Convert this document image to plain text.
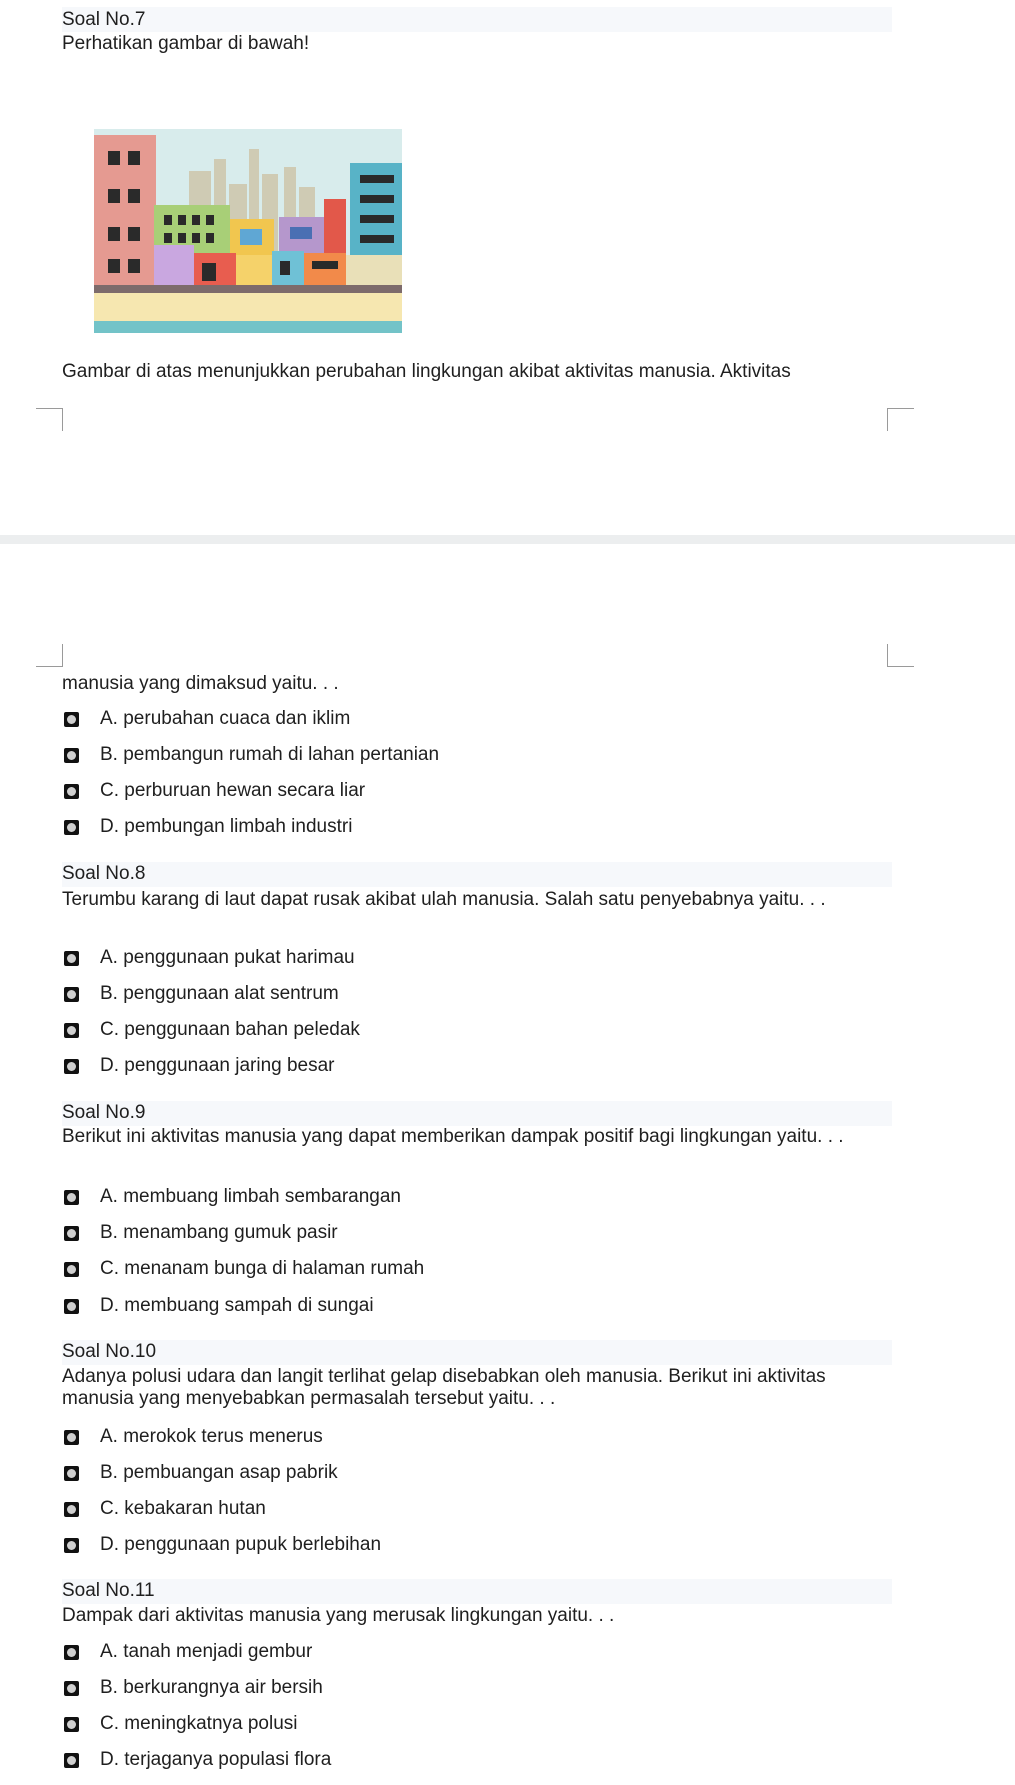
Soal No.7
Perhatikan gambar di bawah!
Gambar di atas menunjukkan perubahan lingkungan akibat aktivitas manusia. Aktivitas
manusia yang dimaksud yaitu. . .
A. perubahan cuaca dan iklim
B. pembangun rumah di lahan pertanian
C. perburuan hewan secara liar
D. pembungan limbah industri
Soal No.8
Terumbu karang di laut dapat rusak akibat ulah manusia. Salah satu penyebabnya yaitu. . .
A. penggunaan pukat harimau
B. penggunaan alat sentrum
C. penggunaan bahan peledak
D. penggunaan jaring besar
Soal No.9
Berikut ini aktivitas manusia yang dapat memberikan dampak positif bagi lingkungan yaitu. . .
A. membuang limbah sembarangan
B. menambang gumuk pasir
C. menanam bunga di halaman rumah
D. membuang sampah di sungai
Soal No.10
Adanya polusi udara dan langit terlihat gelap disebabkan oleh manusia. Berikut ini aktivitas manusia yang menyebabkan permasalah tersebut yaitu. . .
A. merokok terus menerus
B. pembuangan asap pabrik
C. kebakaran hutan
D. penggunaan pupuk berlebihan
Soal No.11
Dampak dari aktivitas manusia yang merusak lingkungan yaitu. . .
A. tanah menjadi gembur
B. berkurangnya air bersih
C. meningkatnya polusi
D. terjaganya populasi flora
